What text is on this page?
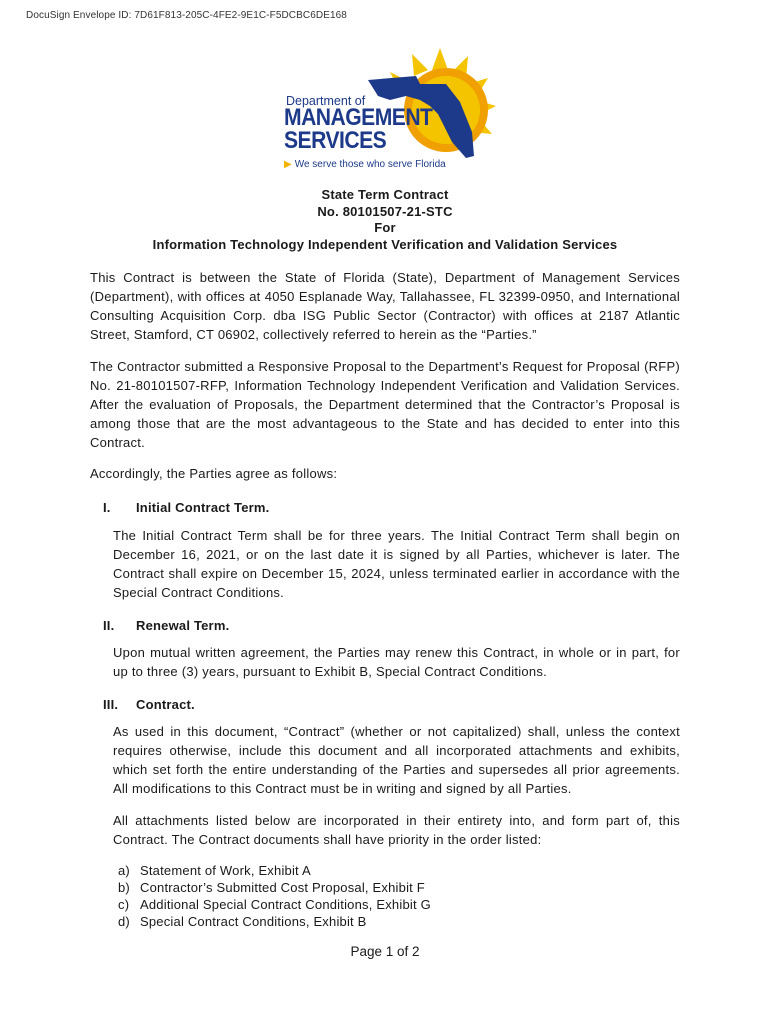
DocuSign Envelope ID: 7D61F813-205C-4FE2-9E1C-F5DCBC6DE168
Department of
MANAGEMENT
SERVICES
▶ We serve those who serve Florida
State Term Contract
No. 80101507-21-STC
For
Information Technology Independent Verification and Validation Services
This Contract is between the State of Florida (State), Department of Management Services (Department), with offices at 4050 Esplanade Way, Tallahassee, FL 32399-0950, and International Consulting Acquisition Corp. dba ISG Public Sector (Contractor) with offices at 2187 Atlantic Street, Stamford, CT 06902, collectively referred to herein as the “Parties.”
The Contractor submitted a Responsive Proposal to the Department’s Request for Proposal (RFP) No. 21-80101507-RFP, Information Technology Independent Verification and Validation Services. After the evaluation of Proposals, the Department determined that the Contractor’s Proposal is among those that are the most advantageous to the State and has decided to enter into this Contract.
Accordingly, the Parties agree as follows:
I. Initial Contract Term.
The Initial Contract Term shall be for three years. The Initial Contract Term shall begin on December 16, 2021, or on the last date it is signed by all Parties, whichever is later. The Contract shall expire on December 15, 2024, unless terminated earlier in accordance with the Special Contract Conditions.
II. Renewal Term.
Upon mutual written agreement, the Parties may renew this Contract, in whole or in part, for up to three (3) years, pursuant to Exhibit B, Special Contract Conditions.
III. Contract.
As used in this document, “Contract” (whether or not capitalized) shall, unless the context requires otherwise, include this document and all incorporated attachments and exhibits, which set forth the entire understanding of the Parties and supersedes all prior agreements. All modifications to this Contract must be in writing and signed by all Parties.
All attachments listed below are incorporated in their entirety into, and form part of, this Contract. The Contract documents shall have priority in the order listed:
a) Statement of Work, Exhibit A
b) Contractor’s Submitted Cost Proposal, Exhibit F
c) Additional Special Contract Conditions, Exhibit G
d) Special Contract Conditions, Exhibit B
Page 1 of 2
